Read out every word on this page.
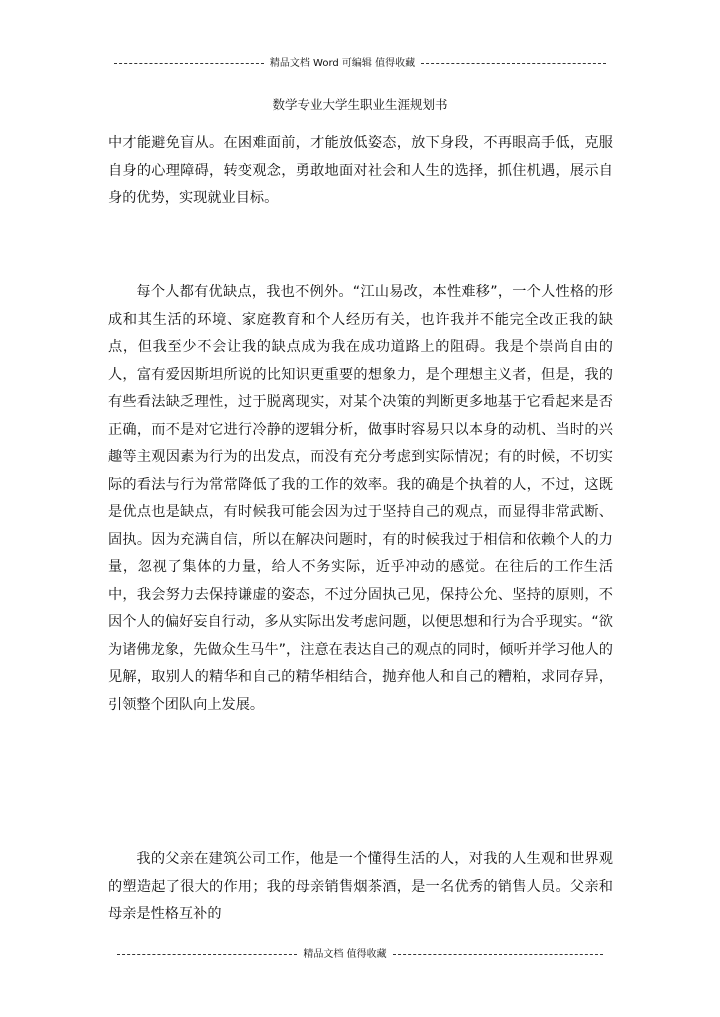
精品文档 Word 可编辑 值得收藏
数学专业大学生职业生涯规划书

中才能避免盲从。在困难面前，才能放低姿态，放下身段，不再眼高手低，克服自身的心理障碍，转变观念，勇敢地面对社会和人生的选择，抓住机遇，展示自身的优势，实现就业目标。

每个人都有优缺点，我也不例外。“江山易改，本性难移”，一个人性格的形成和其生活的环境、家庭教育和个人经历有关，也许我并不能完全改正我的缺点，但我至少不会让我的缺点成为我在成功道路上的阻碍。我是个崇尚自由的人，富有爱因斯坦所说的比知识更重要的想象力，是个理想主义者，但是，我的有些看法缺乏理性，过于脱离现实，对某个决策的判断更多地基于它看起来是否正确，而不是对它进行冷静的逻辑分析，做事时容易只以本身的动机、当时的兴趣等主观因素为行为的出发点，而没有充分考虑到实际情况；有的时候，不切实际的看法与行为常常降低了我的工作的效率。我的确是个执着的人，不过，这既是优点也是缺点，有时候我可能会因为过于坚持自己的观点，而显得非常武断、固执。因为充满自信，所以在解决问题时，有的时候我过于相信和依赖个人的力量，忽视了集体的力量，给人不务实际，近乎冲动的感觉。在往后的工作生活中，我会努力去保持谦虚的姿态，不过分固执己见，保持公允、坚持的原则，不因个人的偏好妄自行动，多从实际出发考虑问题，以便思想和行为合乎现实。“欲为诸佛龙象，先做众生马牛”，注意在表达自己的观点的同时，倾听并学习他人的见解，取别人的精华和自己的精华相结合，抛弃他人和自己的糟粕，求同存异，引领整个团队向上发展。

我的父亲在建筑公司工作，他是一个懂得生活的人，对我的人生观和世界观的塑造起了很大的作用；我的母亲销售烟茶酒，是一名优秀的销售人员。父亲和母亲是性格互补的

精品文档 值得收藏
